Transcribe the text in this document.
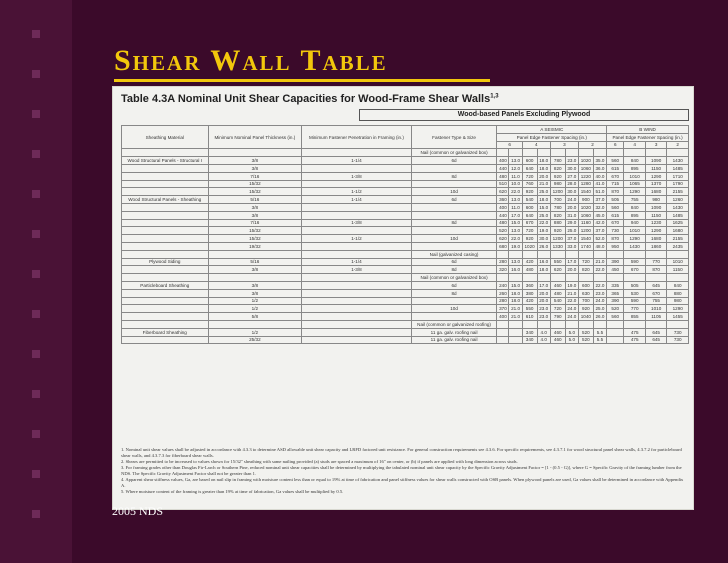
Shear Wall Table
Table 4.3A Nominal Unit Shear Capacities for Wood-Frame Shear Walls$^{1,3}$
Wood-based Panels Excluding Plywood
Sheathing Material	Minimum Nominal Panel Thickness (in.)	Minimum Fastener Penetration in Framing (in.)	Fastener Type & Size	A SEISMIC								B WIND			
				Panel Edge Fastener Spacing (in.)								Panel Edge Fastener Spacing (in.)			
				6		4		3		2		6	4	3	2
			Nail (common or galvanized box)												
Wood Structural Panels - Structural I	3/8	1-1/4	6d	400	13.0	600	18.0	780	23.0	1020	35.0	560	840	1090	1430
	3/8			440	12.0	640	18.0	820	30.0	1060	36.0	615	895	1150	1485
	7/16	1-3/8	8d	480	11.0	720	20.0	920	27.0	1220	40.0	670	1010	1290	1710
	15/32			510	10.0	760	21.0	980	28.0	1280	41.0	715	1065	1370	1790
	15/32	1-1/2	10d	620	22.0	920	25.0	1200	30.0	1540	51.0	870	1290	1680	2155
Wood Structural Panels - Sheathing	5/16	1-1/4	6d	360	13.0	540	18.0	700	24.0	900	37.0	505	755	980	1260
	3/8			400	11.0	600	15.0	780	20.0	1020	32.0	560	840	1090	1430
	3/8			440	17.0	640	25.0	820	31.0	1060	45.0	615	895	1150	1485
	7/16	1-3/8	8d	480	15.0	670	22.0	880	29.0	1160	42.0	670	940	1230	1625
	15/32			520	13.0	720	19.0	920	25.0	1200	37.0	730	1010	1290	1680
	15/32	1-1/2	10d	620	22.0	920	30.0	1200	37.0	1540	52.0	870	1290	1680	2155
	19/32			680	19.0	1020	26.0	1330	33.0	1740	48.0	950	1430	1860	2435
			Nail (galvanized casing)												
Plywood Siding	5/16	1-1/4	6d	280	13.0	420	16.0	550	17.0	720	21.0	390	590	770	1010
	3/8	1-3/8	8d	320	16.0	480	18.0	620	20.0	820	22.0	450	670	870	1150
			Nail (common or galvanized box)												
Particleboard Sheathing	3/8		6d	240	15.0	360	17.0	460	19.0	600	22.0	335	505	645	840
	3/8		8d	260	18.0	380	20.0	480	21.0	630	23.0	365	530	670	880
	1/2			280	18.0	420	20.0	540	22.0	700	24.0	390	590	755	980
	1/2		10d	370	21.0	550	23.0	720	24.0	920	25.0	520	770	1010	1290
	5/8			400	21.0	610	23.0	790	24.0	1040	26.0	560	855	1105	1455
			Nail (common or galvanized roofing)												
Fiberboard Sheathing	1/2		11 ga. galv. roofing nail			340	4.0	460	5.0	520	5.5		475	645	730
	25/32		11 ga. galv. roofing nail			340	4.0	460	5.0	520	5.5		475	645	730
1. Nominal unit shear values shall be adjusted in accordance with 4.3.3 to determine ASD allowable unit shear capacity and LRFD factored unit resistance. For general construction requirements see 4.3.6. For specific requirements, see 4.3.7.1 for wood structural panel shear walls, 4.3.7.2 for particleboard shear walls, and 4.3.7.3 for fiberboard shear walls.
2. Shears are permitted to be increased to values shown for 15/32" sheathing with same nailing provided (a) studs are spaced a maximum of 16" on center, or (b) if panels are applied with long dimension across studs.
3. For framing grades other than Douglas Fir-Larch or Southern Pine, reduced nominal unit shear capacities shall be determined by multiplying the tabulated nominal unit shear capacity by the Specific Gravity Adjustment Factor = [1 - (0.5 - G)], where G = Specific Gravity of the framing lumber from the NDS. The Specific Gravity Adjustment Factor shall not be greater than 1.
4. Apparent shear stiffness values, Ga, are based on nail slip in framing with moisture content less than or equal to 19% at time of fabrication and panel stiffness values for shear walls constructed with OSB panels. When plywood panels are used, Ga values shall be determined in accordance with Appendix A.
5. Where moisture content of the framing is greater than 19% at time of fabrication, Ga values shall be multiplied by 0.5.
2005 NDS
